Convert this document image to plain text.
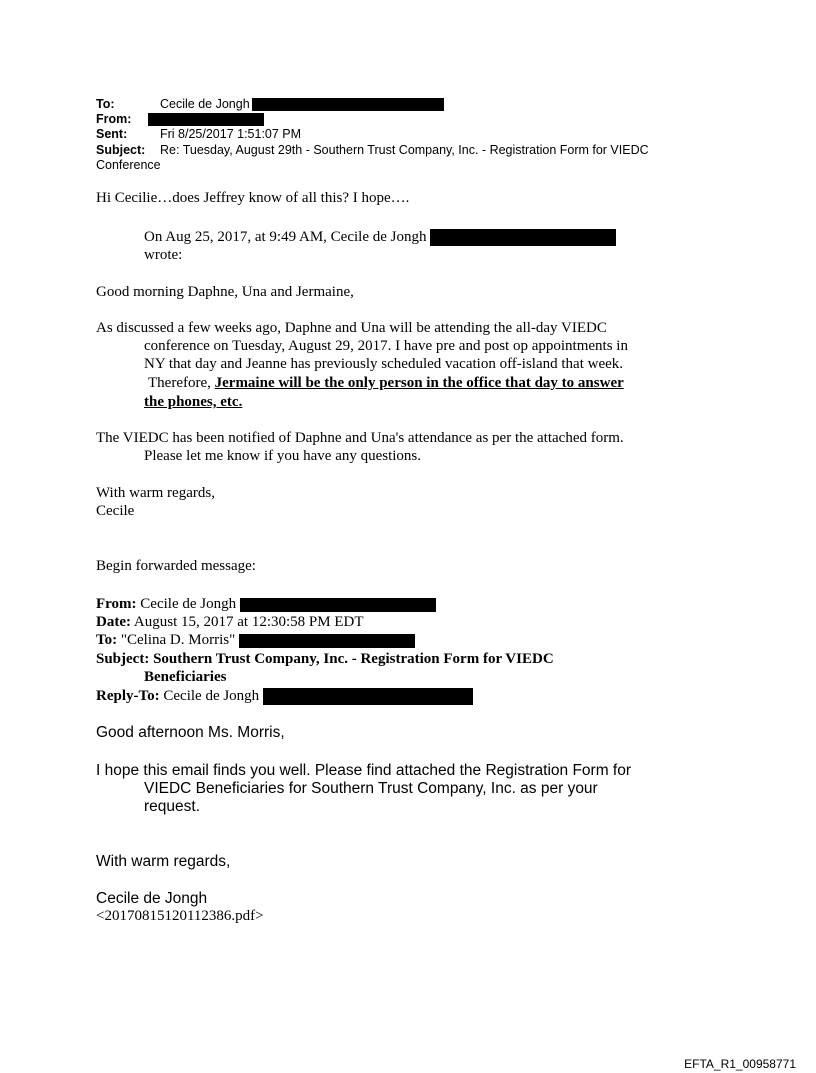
To:	Cecile de Jongh
From:
Sent:	Fri 8/25/2017 1:51:07 PM
Subject: Re: Tuesday, August 29th - Southern Trust Company, Inc. - Registration Form for VIEDC
Conference
Hi Cecilie…does Jeffrey know of all this? I hope….
On Aug 25, 2017, at 9:49 AM, Cecile de Jongh
wrote:
Good morning Daphne, Una and Jermaine,
As discussed a few weeks ago, Daphne and Una will be attending the all-day VIEDC
conference on Tuesday, August 29, 2017. I have pre and post op appointments in
NY that day and Jeanne has previously scheduled vacation off-island that week.
Therefore, Jermaine will be the only person in the office that day to answer
the phones, etc.
The VIEDC has been notified of Daphne and Una's attendance as per the attached form.
Please let me know if you have any questions.
With warm regards,
Cecile
Begin forwarded message:
From: Cecile de Jongh
Date: August 15, 2017 at 12:30:58 PM EDT
To: "Celina D. Morris"
Subject: Southern Trust Company, Inc. - Registration Form for VIEDC
Beneficiaries
Reply-To: Cecile de Jongh
Good afternoon Ms. Morris,
I hope this email finds you well. Please find attached the Registration Form for
VIEDC Beneficiaries for Southern Trust Company, Inc. as per your
request.
With warm regards,
Cecile de Jongh
<20170815120112386.pdf>
EFTA_R1_00958771
